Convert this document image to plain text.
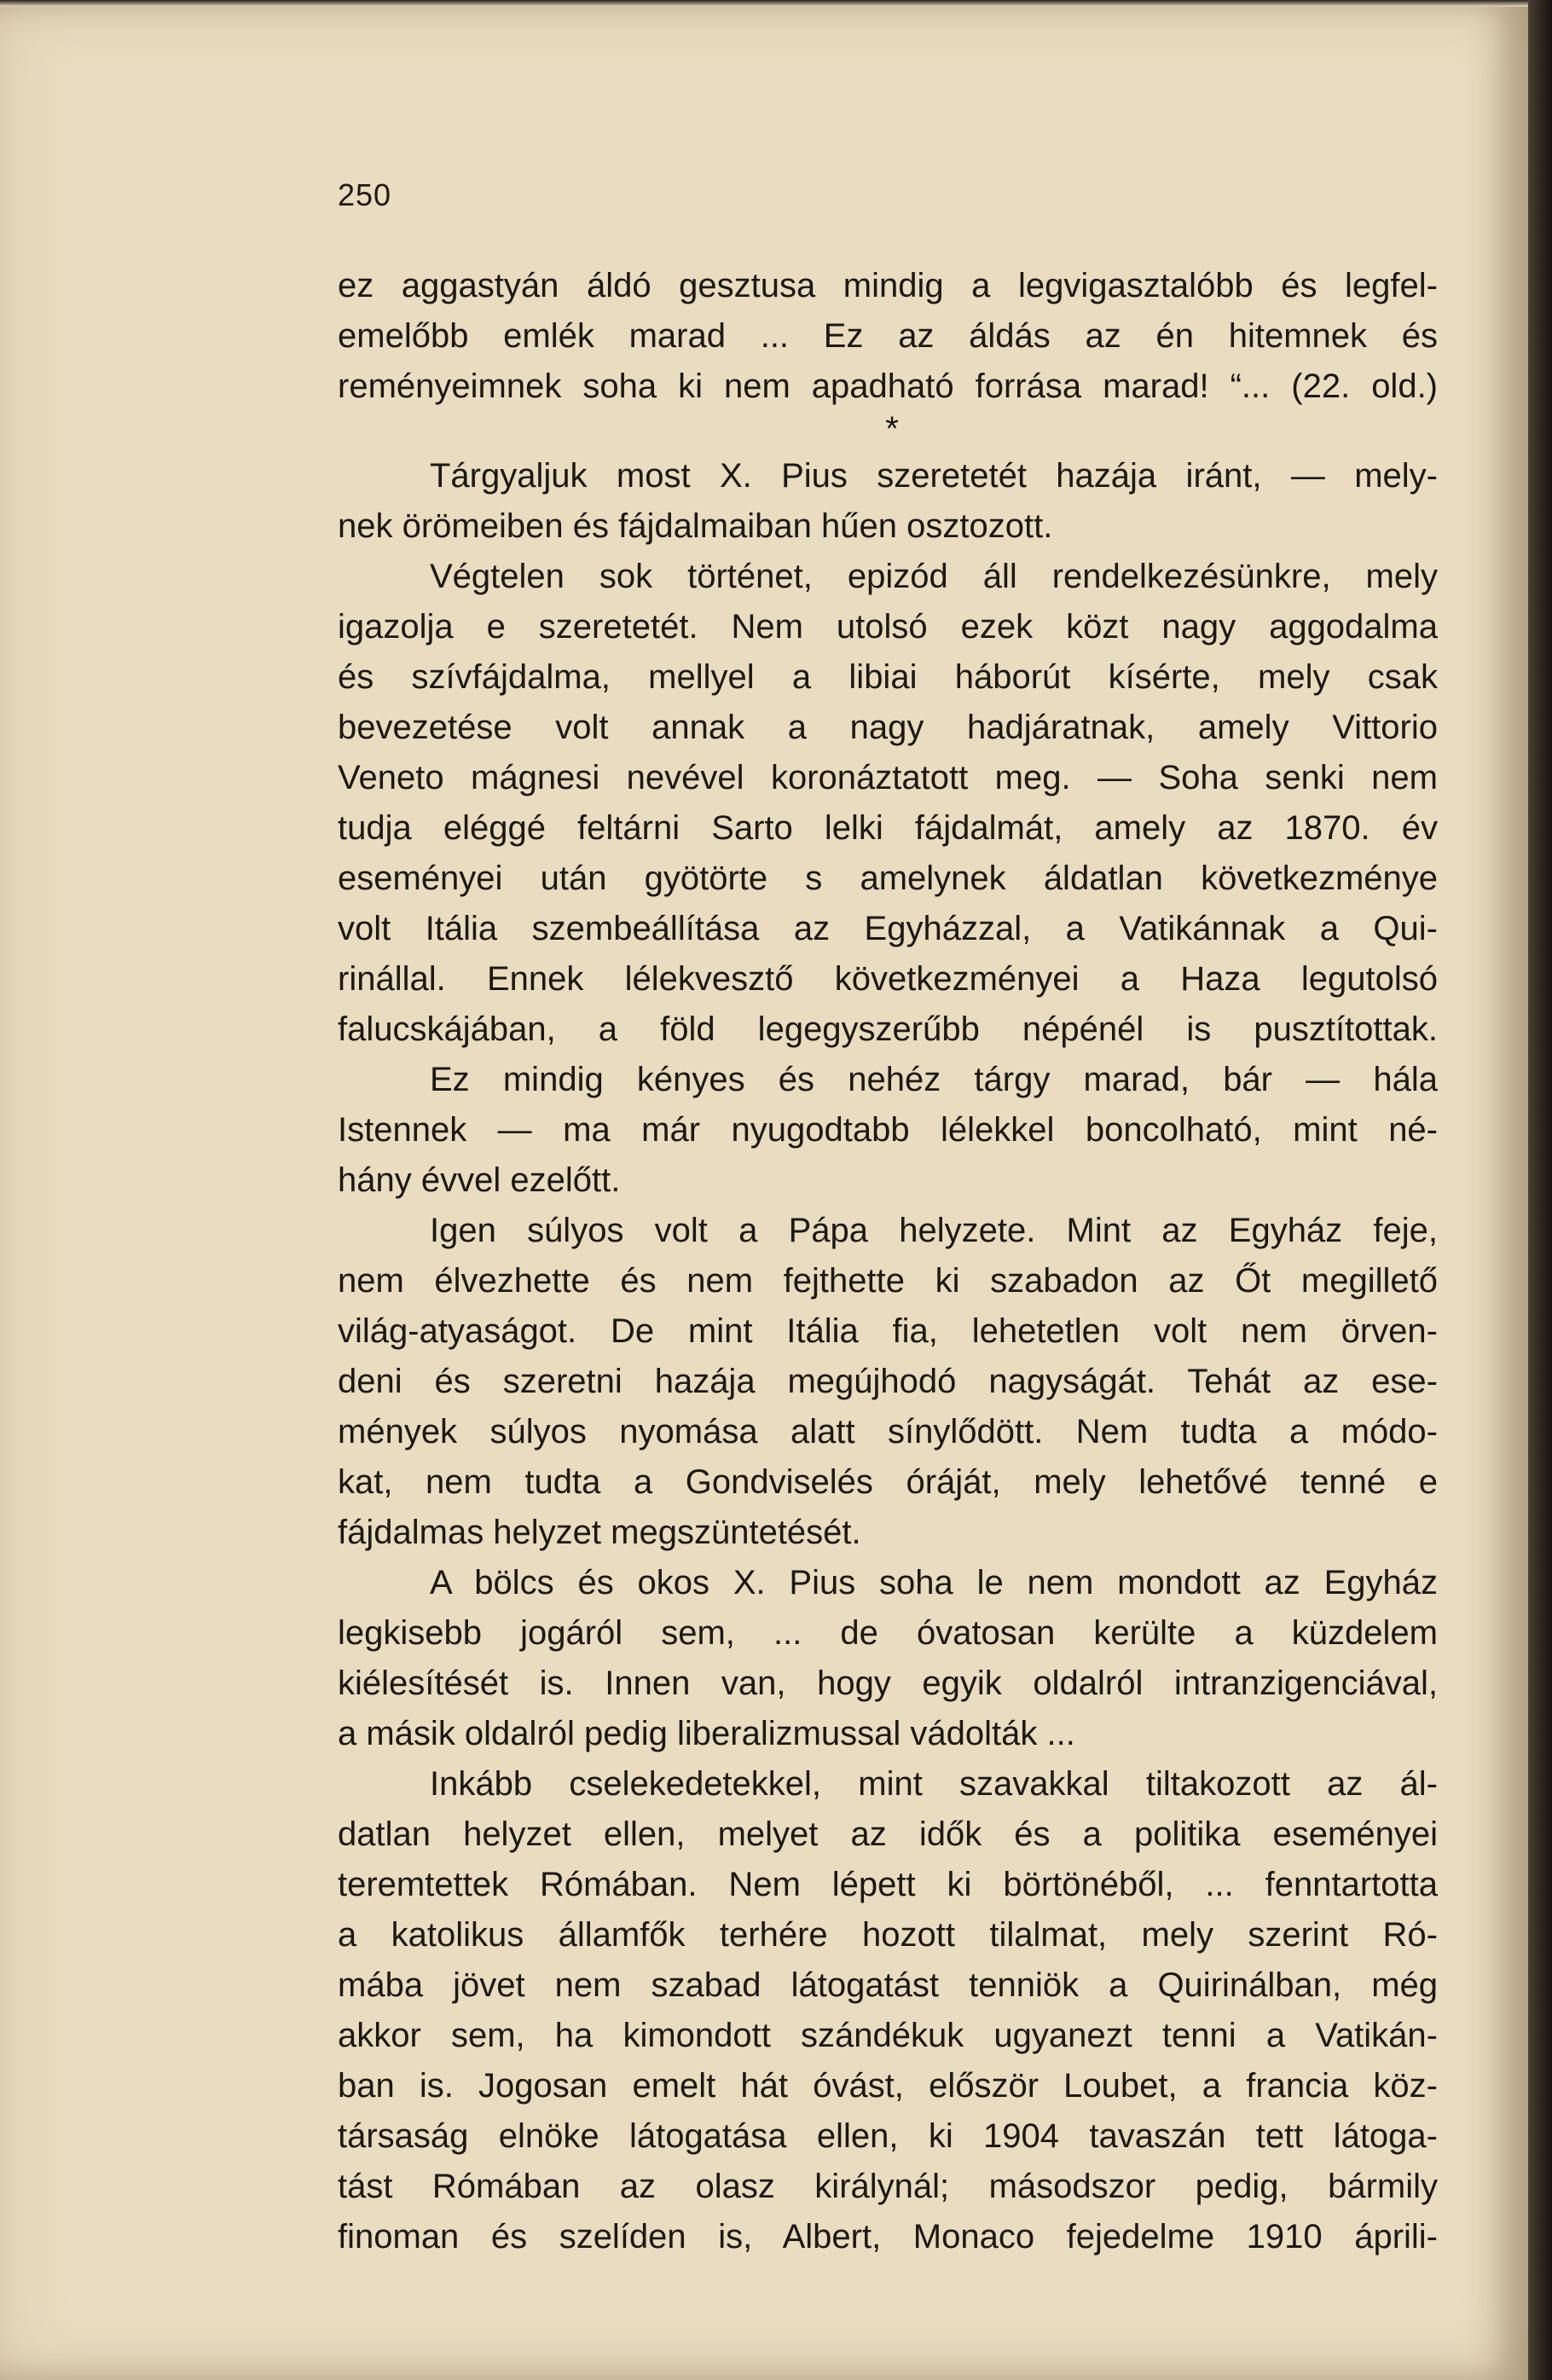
250
ez aggastyán áldó gesztusa mindig a legvigasztalóbb és legfel-
emelőbb emlék marad ... Ez az áldás az én hitemnek és
reményeimnek soha ki nem apadható forrása marad! “... (22. old.)
*
Tárgyaljuk most X. Pius szeretetét hazája iránt, — mely-
nek örömeiben és fájdalmaiban hűen osztozott.
Végtelen sok történet, epizód áll rendelkezésünkre, mely
igazolja e szeretetét. Nem utolsó ezek közt nagy aggodalma
és szívfájdalma, mellyel a libiai háborút kísérte, mely csak
bevezetése volt annak a nagy hadjáratnak, amely Vittorio
Veneto mágnesi nevével koronáztatott meg. — Soha senki nem
tudja eléggé feltárni Sarto lelki fájdalmát, amely az 1870. év
eseményei után gyötörte s amelynek áldatlan következménye
volt Itália szembeállítása az Egyházzal, a Vatikánnak a Qui-
rinállal. Ennek lélekvesztő következményei a Haza legutolsó
falucskájában, a föld legegyszerűbb népénél is pusztítottak.
Ez mindig kényes és nehéz tárgy marad, bár — hála
Istennek — ma már nyugodtabb lélekkel boncolható, mint né-
hány évvel ezelőtt.
Igen súlyos volt a Pápa helyzete. Mint az Egyház feje,
nem élvezhette és nem fejthette ki szabadon az Őt megillető
világ-atyaságot. De mint Itália fia, lehetetlen volt nem örven-
deni és szeretni hazája megújhodó nagyságát. Tehát az ese-
mények súlyos nyomása alatt sínylődött. Nem tudta a módo-
kat, nem tudta a Gondviselés óráját, mely lehetővé tenné e
fájdalmas helyzet megszüntetését.
A bölcs és okos X. Pius soha le nem mondott az Egyház
legkisebb jogáról sem, ... de óvatosan kerülte a küzdelem
kiélesítését is. Innen van, hogy egyik oldalról intranzigenciával,
a másik oldalról pedig liberalizmussal vádolták ...
Inkább cselekedetekkel, mint szavakkal tiltakozott az ál-
datlan helyzet ellen, melyet az idők és a politika eseményei
teremtettek Rómában. Nem lépett ki börtönéből, ... fenntartotta
a katolikus államfők terhére hozott tilalmat, mely szerint Ró-
mába jövet nem szabad látogatást tenniök a Quirinálban, még
akkor sem, ha kimondott szándékuk ugyanezt tenni a Vatikán-
ban is. Jogosan emelt hát óvást, először Loubet, a francia köz-
társaság elnöke látogatása ellen, ki 1904 tavaszán tett látoga-
tást Rómában az olasz királynál; másodszor pedig, bármily
finoman és szelíden is, Albert, Monaco fejedelme 1910 áprili-
